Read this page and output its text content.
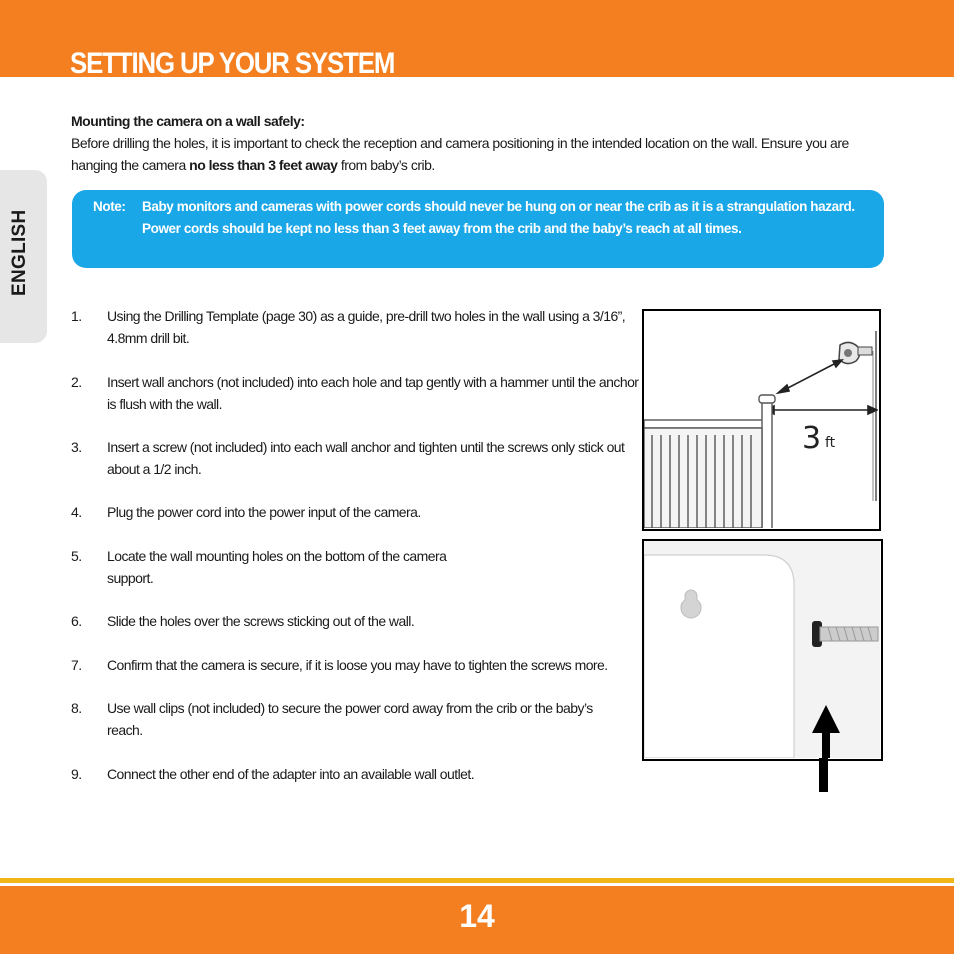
SETTING UP YOUR SYSTEM
ENGLISH

Mounting the camera on a wall safely:

Before drilling the holes, it is important to check the reception and camera positioning in the intended location on the wall. Ensure you are hanging the camera no less than 3 feet away from baby’s crib.

Note: Baby monitors and cameras with power cords should never be hung on or near the crib as it is a strangulation hazard. Power cords should be kept no less than 3 feet away from the crib and the baby’s reach at all times.
1. Using the Drilling Template (page 30) as a guide, pre-drill two holes in the wall using a 3/16”, 4.8mm drill bit.
2. Insert wall anchors (not included) into each hole and tap gently with a hammer until the anchor is flush with the wall.
3. Insert a screw (not included) into each wall anchor and tighten until the screws only stick out about a 1/2 inch.
4. Plug the power cord into the power input of the camera.
5. Locate the wall mounting holes on the bottom of the camera support.
6. Slide the holes over the screws sticking out of the wall.
7. Confirm that the camera is secure, if it is loose you may have to tighten the screws more.
8. Use wall clips (not included) to secure the power cord away from the crib or the baby’s reach.
9. Connect the other end of the adapter into an available wall outlet.
3 ft
14
